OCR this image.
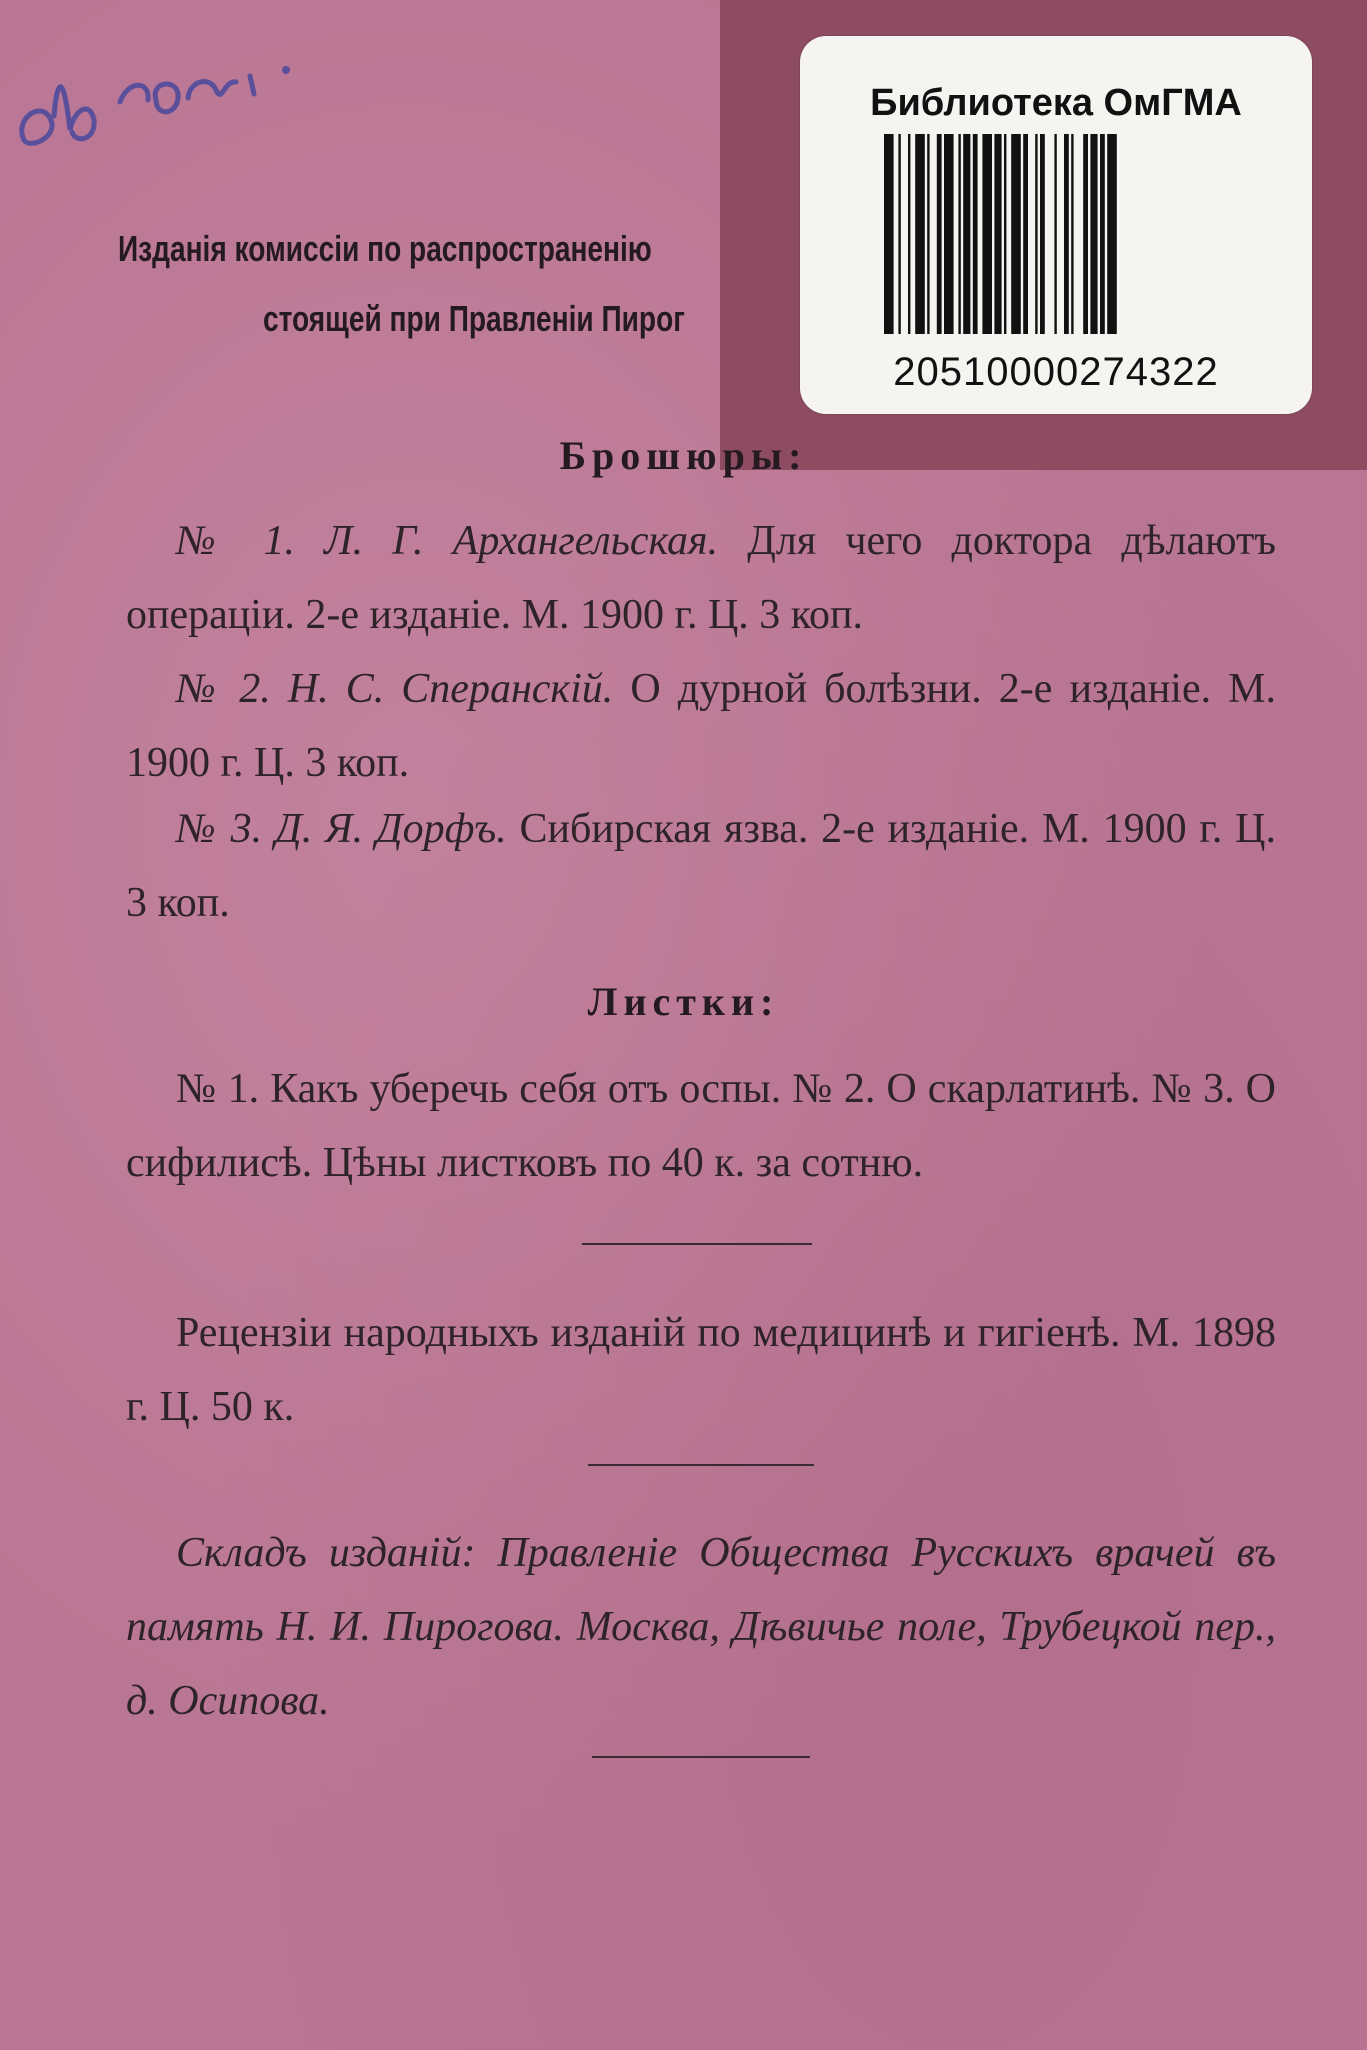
Библиотека ОмГМА
20510000274322
Изданія комиссіи по распространенію
стоящей при Правленіи Пирог
Брошюры:
№ 1. Л. Г. Архангельская. Для чего доктора дѣлаютъ операціи. 2-е изданіе. М. 1900 г. Ц. 3 коп.
№ 2. Н. С. Сперанскій. О дурной болѣзни. 2-е изданіе. М. 1900 г. Ц. 3 коп.
№ 3. Д. Я. Дорфъ. Сибирская язва. 2-е изданіе. М. 1900 г. Ц. 3 коп.
Листки:
№ 1. Какъ уберечь себя отъ оспы. № 2. О скарлатинѣ. № 3. О сифилисѣ. Цѣны листковъ по 40 к. за сотню.
Рецензіи народныхъ изданій по медицинѣ и гигіенѣ. М. 1898 г. Ц. 50 к.
Складъ изданій: Правленіе Общества Русскихъ врачей въ память Н. И. Пирогова. Москва, Дѣвичье поле, Трубецкой пер., д. Осипова.
